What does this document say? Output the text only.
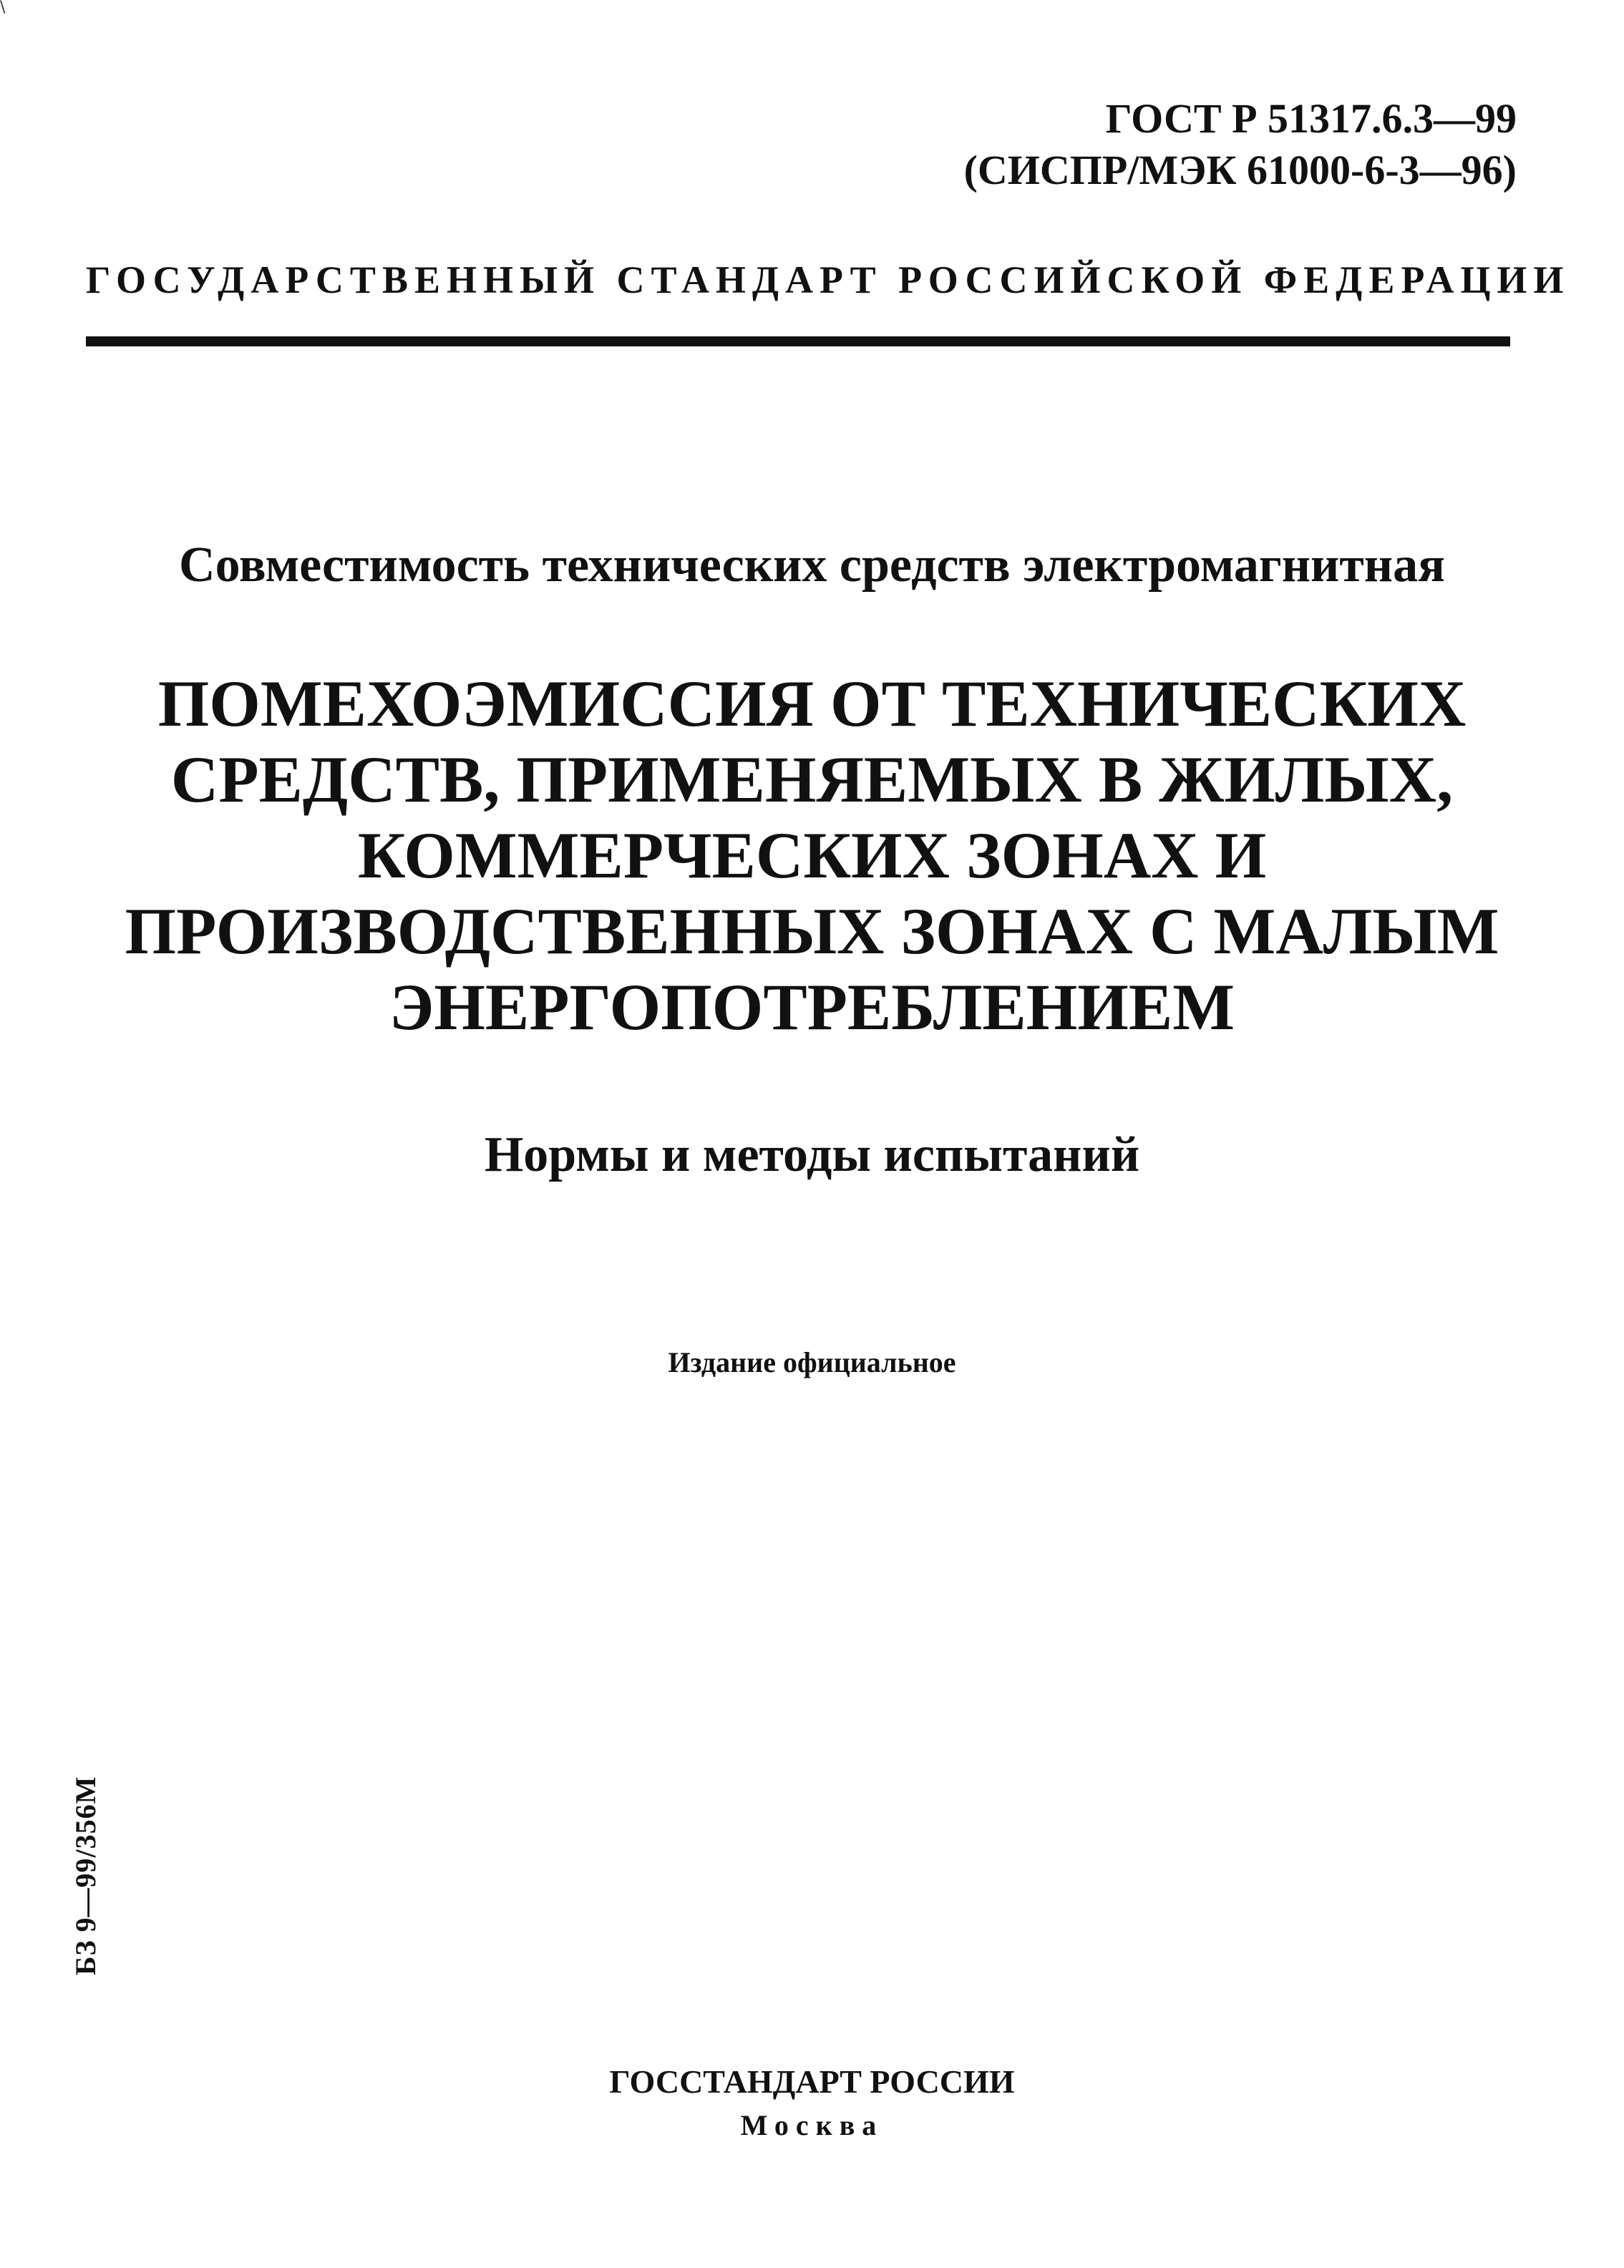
\
ГОСТ Р 51317.6.3—99
(СИСПР/МЭК 61000-6-3—96)
ГОСУДАРСТВЕННЫЙ СТАНДАРТ РОССИЙСКОЙ ФЕДЕРАЦИИ
Совместимость технических средств электромагнитная
ПОМЕХОЭМИССИЯ ОТ ТЕХНИЧЕСКИХ
СРЕДСТВ, ПРИМЕНЯЕМЫХ В ЖИЛЫХ,
КОММЕРЧЕСКИХ ЗОНАХ И
ПРОИЗВОДСТВЕННЫХ ЗОНАХ С МАЛЫМ
ЭНЕРГОПОТРЕБЛЕНИЕМ
Нормы и методы испытаний
Издание официальное
БЗ 9—99/356М
ГОССТАНДАРТ РОССИИ
Москва
